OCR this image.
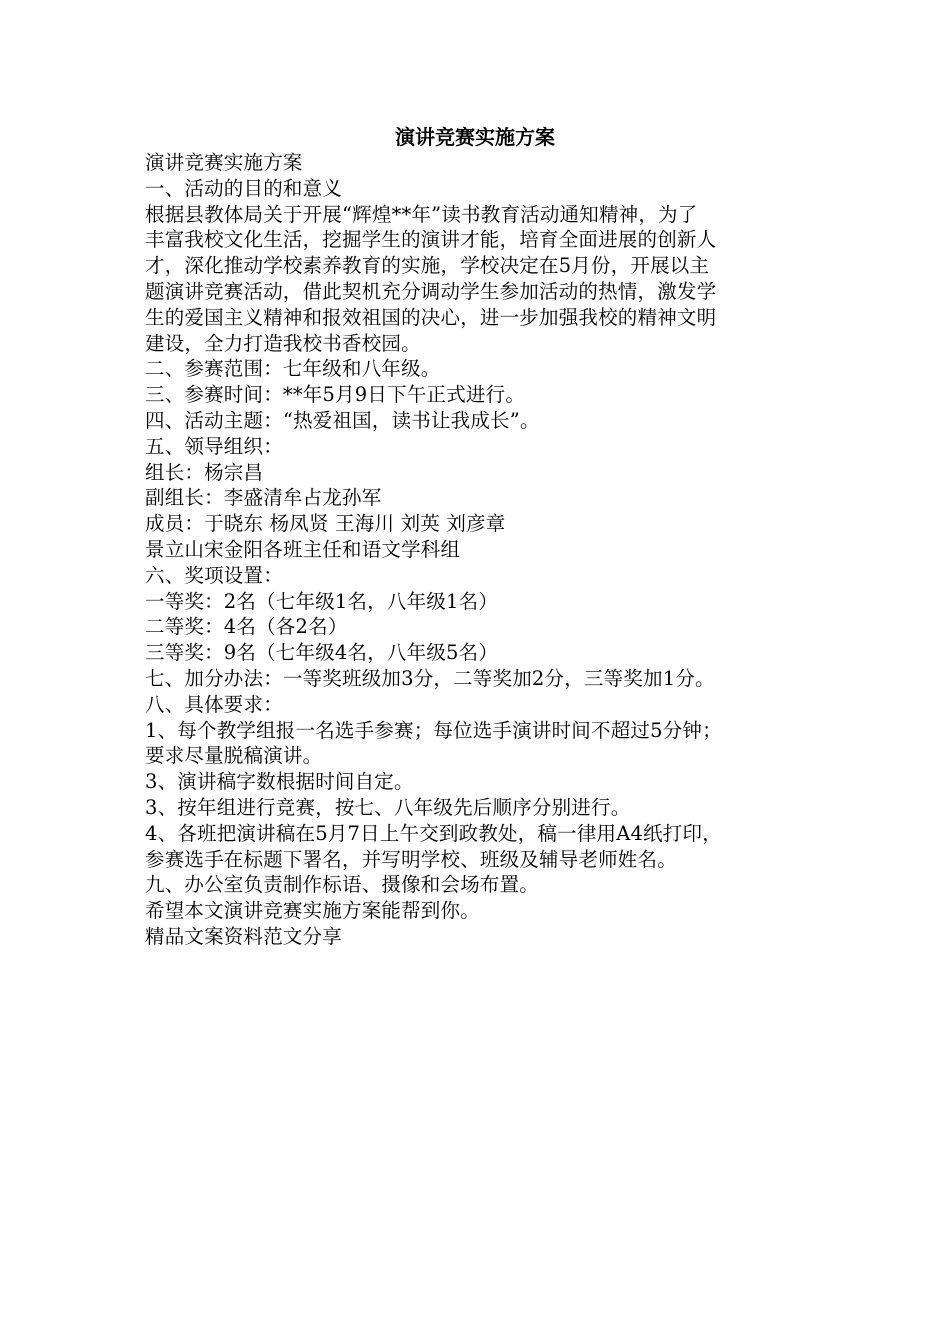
演讲竞赛实施方案
演讲竞赛实施方案
一、活动的目的和意义
根据县教体局关于开展“辉煌**年”读书教育活动通知精神，为了
丰富我校文化生活，挖掘学生的演讲才能，培育全面进展的创新人
才，深化推动学校素养教育的实施，学校决定在5月份，开展以主
题演讲竞赛活动，借此契机充分调动学生参加活动的热情，激发学
生的爱国主义精神和报效祖国的决心，进一步加强我校的精神文明
建设，全力打造我校书香校园。
二、参赛范围：七年级和八年级。
三、参赛时间：**年5月9日下午正式进行。
四、活动主题：“热爱祖国，读书让我成长”。
五、领导组织：
组长：杨宗昌
副组长：李盛清牟占龙孙军
成员：于晓东 杨凤贤 王海川 刘英 刘彦章
景立山宋金阳各班主任和语文学科组
六、奖项设置：
一等奖：2名（七年级1名，八年级1名）
二等奖：4名（各2名）
三等奖：9名（七年级4名，八年级5名）
七、加分办法：一等奖班级加3分，二等奖加2分，三等奖加1分。
八、具体要求：
1、每个教学组报一名选手参赛；每位选手演讲时间不超过5分钟；
要求尽量脱稿演讲。
3、演讲稿字数根据时间自定。
3、按年组进行竞赛，按七、八年级先后顺序分别进行。
4、各班把演讲稿在5月7日上午交到政教处，稿一律用A4纸打印，
参赛选手在标题下署名，并写明学校、班级及辅导老师姓名。
九、办公室负责制作标语、摄像和会场布置。
希望本文演讲竞赛实施方案能帮到你。
精品文案资料范文分享
